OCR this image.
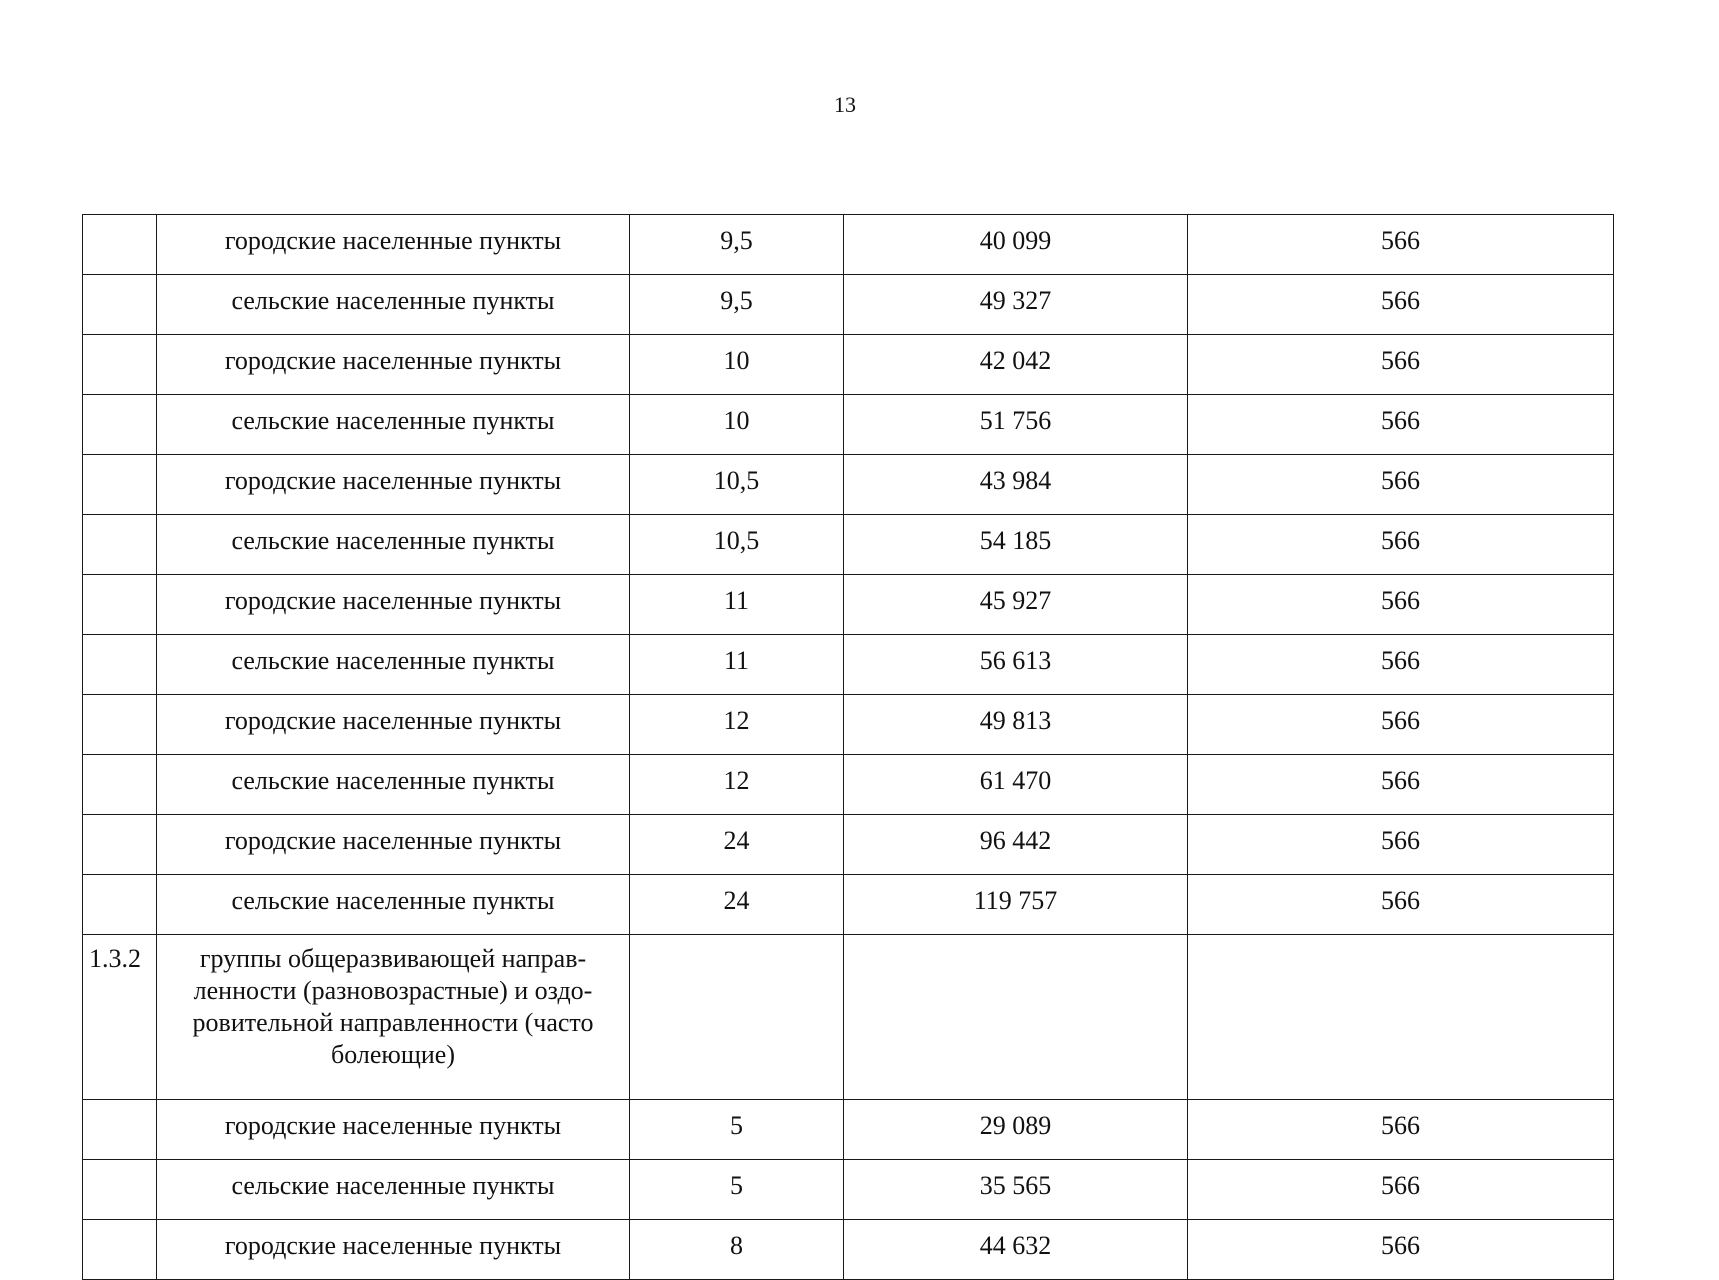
13
	городские населенные пункты	9,5	40 099	566
	сельские населенные пункты	9,5	49 327	566
	городские населенные пункты	10	42 042	566
	сельские населенные пункты	10	51 756	566
	городские населенные пункты	10,5	43 984	566
	сельские населенные пункты	10,5	54 185	566
	городские населенные пункты	11	45 927	566
	сельские населенные пункты	11	56 613	566
	городские населенные пункты	12	49 813	566
	сельские населенные пункты	12	61 470	566
	городские населенные пункты	24	96 442	566
	сельские населенные пункты	24	119 757	566
1.3.2	группы общеразвивающей направ-ленности (разновозрастные) и оздо-ровительной направленности (часто болеющие)			
	городские населенные пункты	5	29 089	566
	сельские населенные пункты	5	35 565	566
	городские населенные пункты	8	44 632	566
